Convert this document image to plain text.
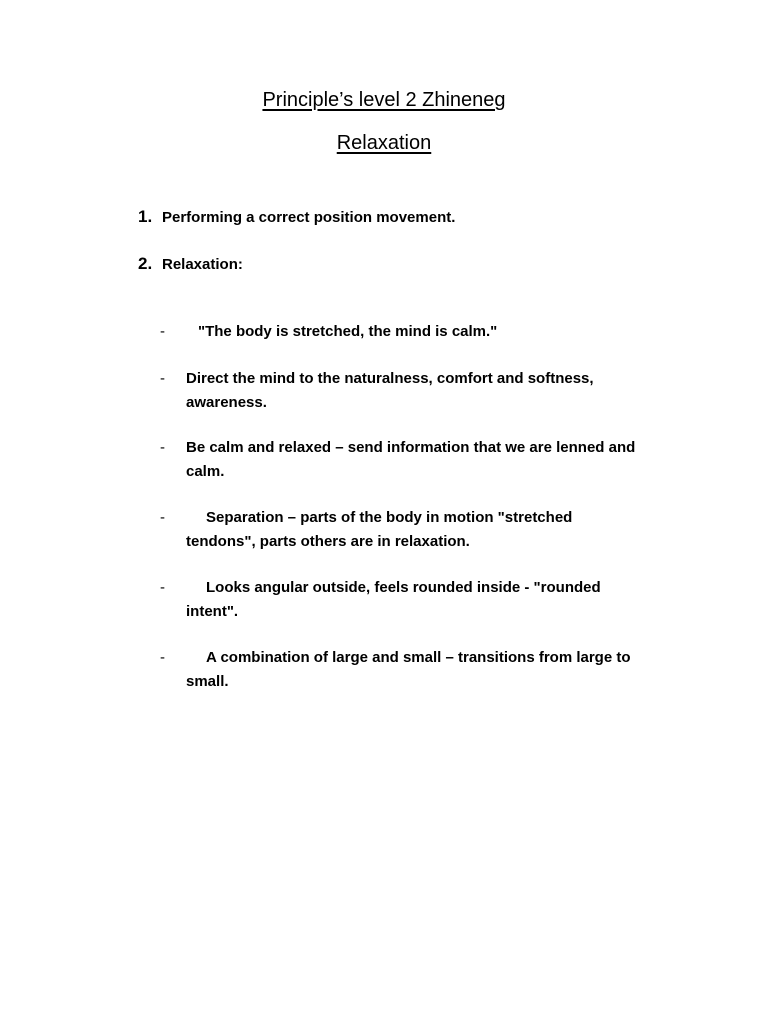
Principle’s level 2 Zhineneg
Relaxation
1. Performing a correct position movement.
2. Relaxation:
-	"The body is stretched, the mind is calm."
- Direct the mind to the naturalness, comfort and softness, awareness.
- Be calm and relaxed – send information that we are lenned and calm.
-	Separation – parts of the body in motion "stretched tendons", parts others are in relaxation.
-	Looks angular outside, feels rounded inside - "rounded intent".
-	A combination of large and small – transitions from large to small.
